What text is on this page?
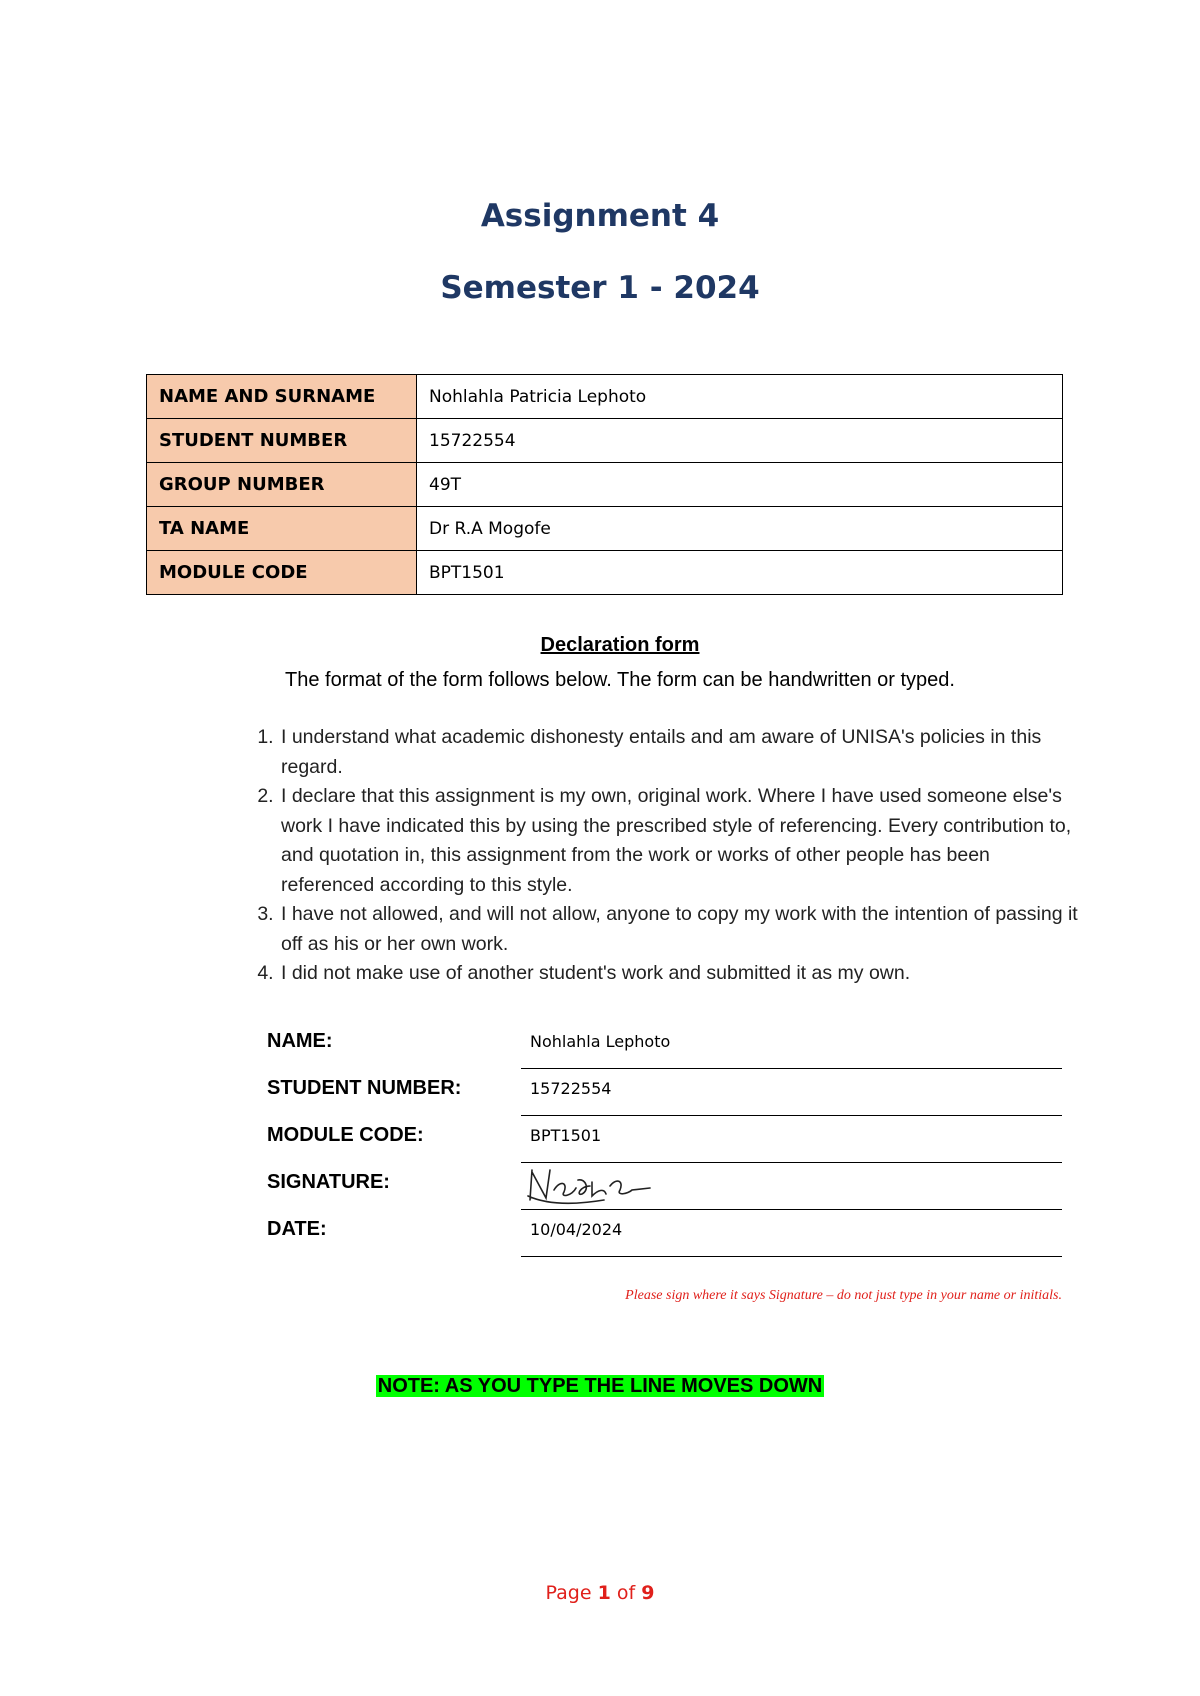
Assignment 4
Semester 1 - 2024
NAME AND SURNAME	Nohlahla Patricia Lephoto
STUDENT NUMBER	15722554
GROUP NUMBER	49T
TA NAME	Dr R.A Mogofe
MODULE CODE	BPT1501
Declaration form
The format of the form follows below. The form can be handwritten or typed.
1. I understand what academic dishonesty entails and am aware of UNISA's policies in this regard.
2. I declare that this assignment is my own, original work. Where I have used someone else's work I have indicated this by using the prescribed style of referencing. Every contribution to, and quotation in, this assignment from the work or works of other people has been referenced according to this style.
3. I have not allowed, and will not allow, anyone to copy my work with the intention of passing it off as his or her own work.
4. I did not make use of another student's work and submitted it as my own.
NAME:	Nohlahla Lephoto
STUDENT NUMBER:	15722554
MODULE CODE:	BPT1501
SIGNATURE:
DATE:	10/04/2024
Please sign where it says Signature – do not just type in your name or initials.
NOTE: AS YOU TYPE THE LINE MOVES DOWN
Page 1 of 9
